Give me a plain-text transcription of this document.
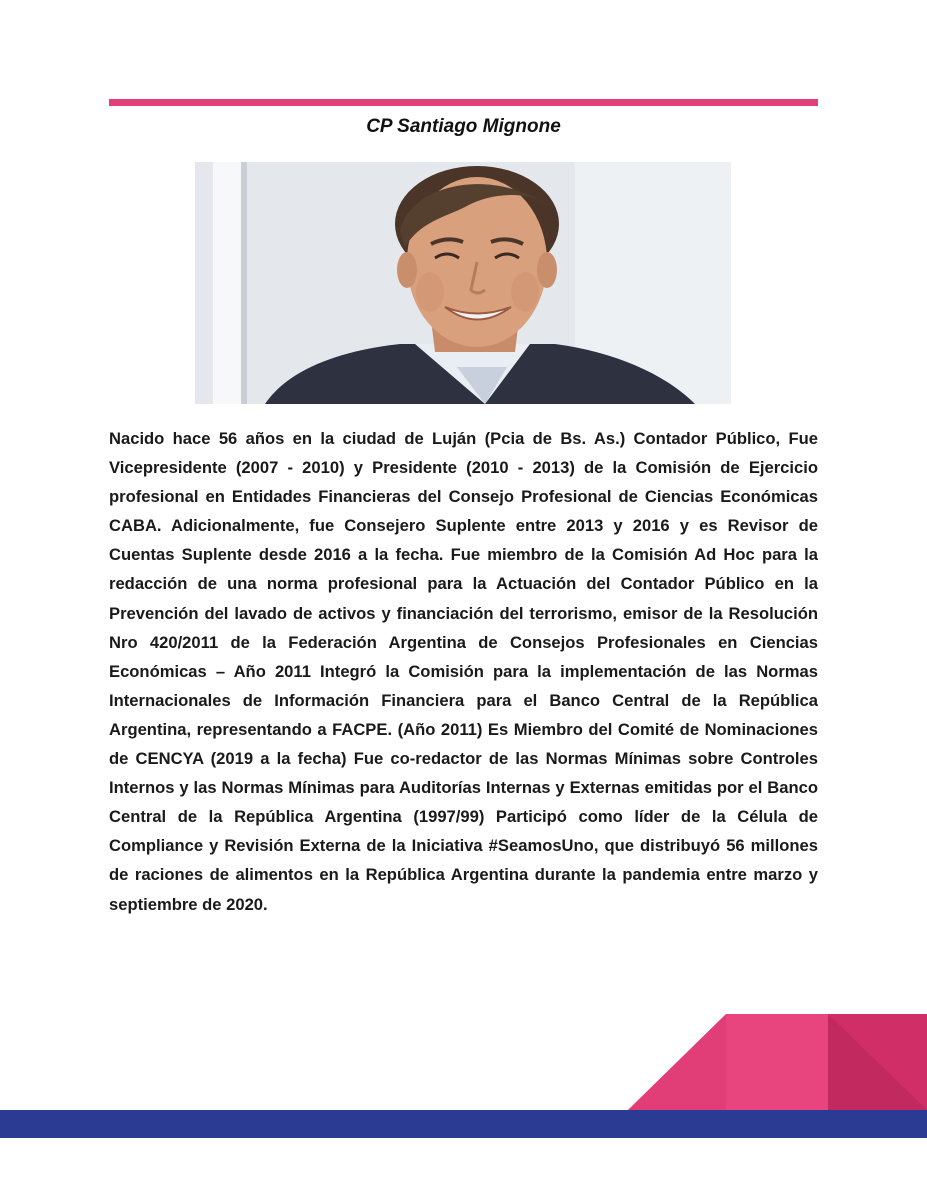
CP Santiago Mignone

Nacido hace 56 años en la ciudad de Luján (Pcia de Bs. As.) Contador Público, Fue Vicepresidente (2007 - 2010) y Presidente (2010 - 2013) de la Comisión de Ejercicio profesional en Entidades Financieras del Consejo Profesional de Ciencias Económicas CABA. Adicionalmente, fue Consejero Suplente entre 2013 y 2016 y es Revisor de Cuentas Suplente desde 2016 a la fecha. Fue miembro de la Comisión Ad Hoc para la redacción de una norma profesional para la Actuación del Contador Público en la Prevención del lavado de activos y financiación del terrorismo, emisor de la Resolución Nro 420/2011 de la Federación Argentina de Consejos Profesionales en Ciencias Económicas – Año 2011 Integró la Comisión para la implementación de las Normas Internacionales de Información Financiera para el Banco Central de la República Argentina, representando a FACPE. (Año 2011) Es Miembro del Comité de Nominaciones de CENCYA (2019 a la fecha) Fue co-redactor de las Normas Mínimas sobre Controles Internos y las Normas Mínimas para Auditorías Internas y Externas emitidas por el Banco Central de la República Argentina (1997/99) Participó como líder de la Célula de Compliance y Revisión Externa de la Iniciativa #SeamosUno, que distribuyó 56 millones de raciones de alimentos en la República Argentina durante la pandemia entre marzo y septiembre de 2020.
